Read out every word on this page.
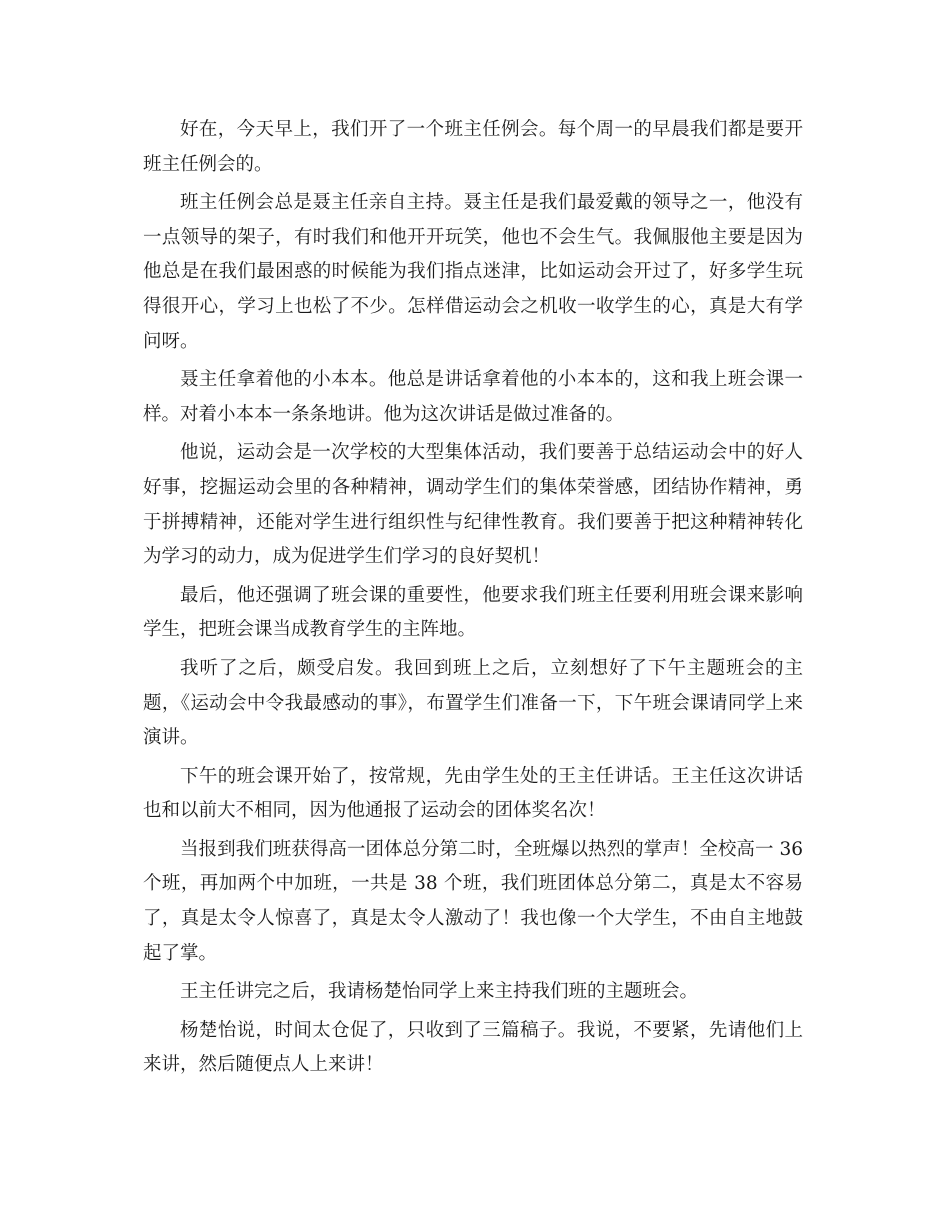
好在，今天早上，我们开了一个班主任例会。每个周一的早晨我们都是要开班主任例会的。

班主任例会总是聂主任亲自主持。聂主任是我们最爱戴的领导之一，他没有一点领导的架子，有时我们和他开开玩笑，他也不会生气。我佩服他主要是因为他总是在我们最困惑的时候能为我们指点迷津，比如运动会开过了，好多学生玩得很开心，学习上也松了不少。怎样借运动会之机收一收学生的心，真是大有学问呀。

聂主任拿着他的小本本。他总是讲话拿着他的小本本的，这和我上班会课一样。对着小本本一条条地讲。他为这次讲话是做过准备的。

他说，运动会是一次学校的大型集体活动，我们要善于总结运动会中的好人好事，挖掘运动会里的各种精神，调动学生们的集体荣誉感，团结协作精神，勇于拼搏精神，还能对学生进行组织性与纪律性教育。我们要善于把这种精神转化为学习的动力，成为促进学生们学习的良好契机！

最后，他还强调了班会课的重要性，他要求我们班主任要利用班会课来影响学生，把班会课当成教育学生的主阵地。

我听了之后，颇受启发。我回到班上之后，立刻想好了下午主题班会的主题，《运动会中令我最感动的事》，布置学生们准备一下，下午班会课请同学上来演讲。

下午的班会课开始了，按常规，先由学生处的王主任讲话。王主任这次讲话也和以前大不相同，因为他通报了运动会的团体奖名次！

当报到我们班获得高一团体总分第二时，全班爆以热烈的掌声！全校高一 36 个班，再加两个中加班，一共是 38 个班，我们班团体总分第二，真是太不容易了，真是太令人惊喜了，真是太令人激动了！我也像一个大学生，不由自主地鼓起了掌。

王主任讲完之后，我请杨楚怡同学上来主持我们班的主题班会。

杨楚怡说，时间太仓促了，只收到了三篇稿子。我说，不要紧，先请他们上来讲，然后随便点人上来讲！
